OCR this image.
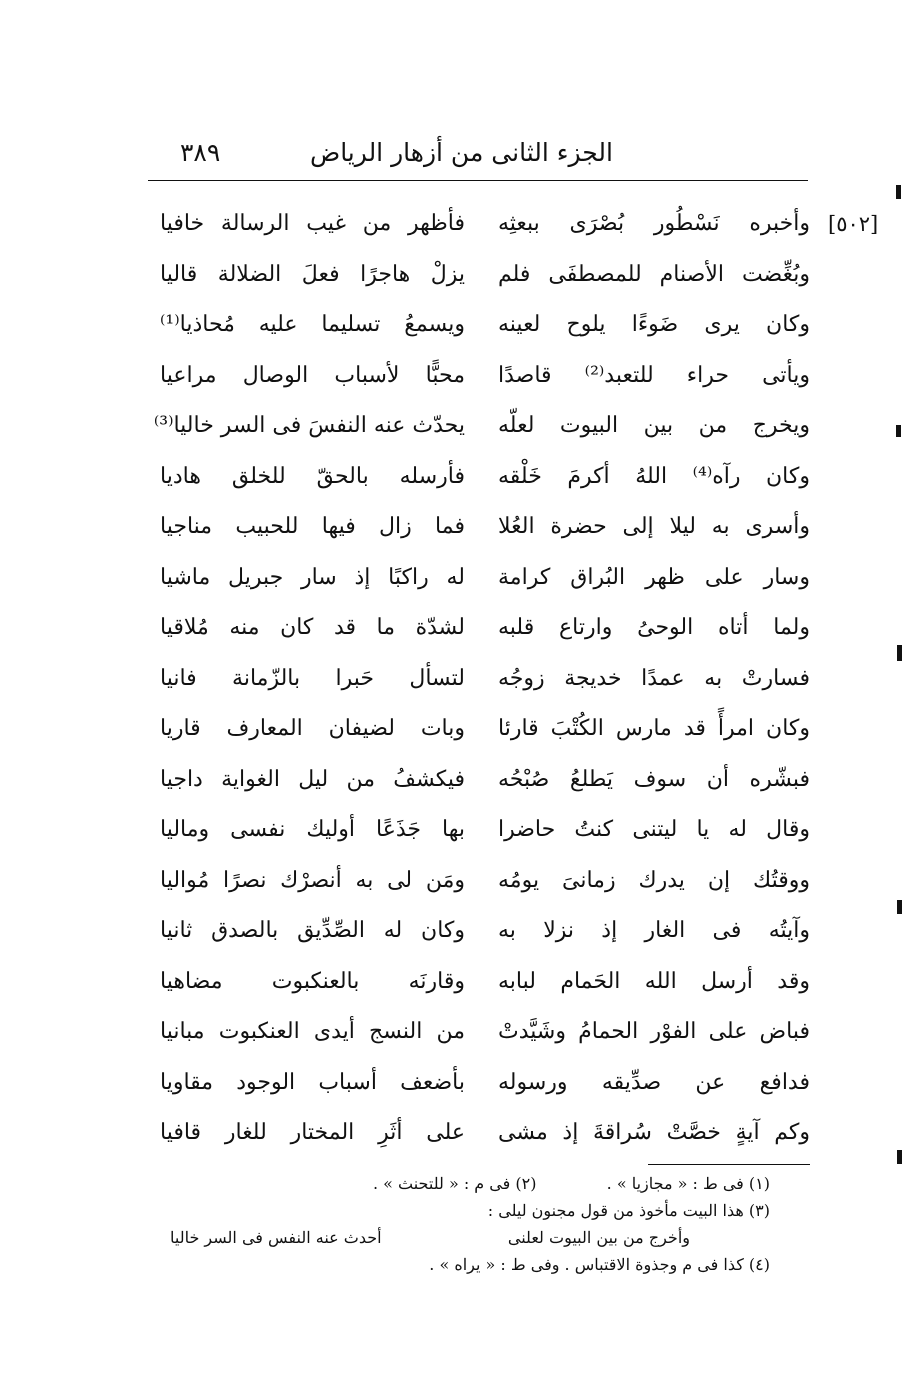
الجزء الثانى من أزهار الرياض
٣٨٩
[٥٠٢]
وأخبره نَسْطُور بُصْرَى ببعثِه
فأظهر من غيب الرسالة خافيا
وبُغِّضت الأصنام للمصطفَى فلم
يزلْ هاجرًا فعلَ الضلالة قاليا
وكان يرى ضَوءًا يلوح لعينه
ويسمعُ تسليما عليه مُحاذيا⁽¹⁾
ويأتى حراء للتعبد⁽²⁾ قاصدًا
محبًّا لأسباب الوصال مراعيا
ويخرج من بين البيوت لعلّه
يحدّث عنه النفسَ فى السر خاليا⁽³⁾
وكان رآه⁽⁴⁾ اللهُ أكرمَ خَلْقه
فأرسله بالحقّ للخلق هاديا
وأسرى به ليلا إلى حضرة العُلا
فما زال فيها للحبيب مناجيا
وسار على ظهر البُراق كرامة
له راكبًا إذ سار جبريل ماشيا
ولما أتاه الوحىُ وارتاع قلبه
لشدّة ما قد كان منه مُلاقيا
فسارتْ به عمدًا خديجة زوجُه
لتسأل حَبرا بالزّمانة فانيا
وكان امرأً قد مارس الكُتْبَ قارئا
وبات لضيفان المعارف قاريا
فبشّره أن سوف يَطلعُ صُبْحُه
فيكشفُ من ليل الغواية داجيا
وقال له يا ليتنى كنتُ حاضرا
بها جَذَعًا أوليك نفسى وماليا
ووقتُك إن يدرك زمانىَ يومُه
ومَن لى به أنصرْك نصرًا مُواليا
وآيتُه فى الغار إذ نزلا به
وكان له الصِّدِّيق بالصدق ثانيا
وقد أرسل الله الحَمام لبابه
وقارنَه بالعنكبوت مضاهيا
فباض على الفوْر الحمامُ وشَيَّدتْ
من النسج أيدى العنكبوت مبانيا
فدافع عن صدِّيقه ورسوله
بأضعف أسباب الوجود مقاويا
وكم آيةٍ خصَّتْ سُراقةَ إذ مشى
على أثَرِ المختار للغار قافيا
(١) فى ط : « مجازيا » .  (٢) فى م : « للتحنث » .
(٣) هذا البيت مأخوذ من قول مجنون ليلى :
وأخرج من بين البيوت لعلنى
أحدث عنه النفس فى السر خاليا
(٤) كذا فى م وجذوة الاقتباس . وفى ط : « يراه » .
